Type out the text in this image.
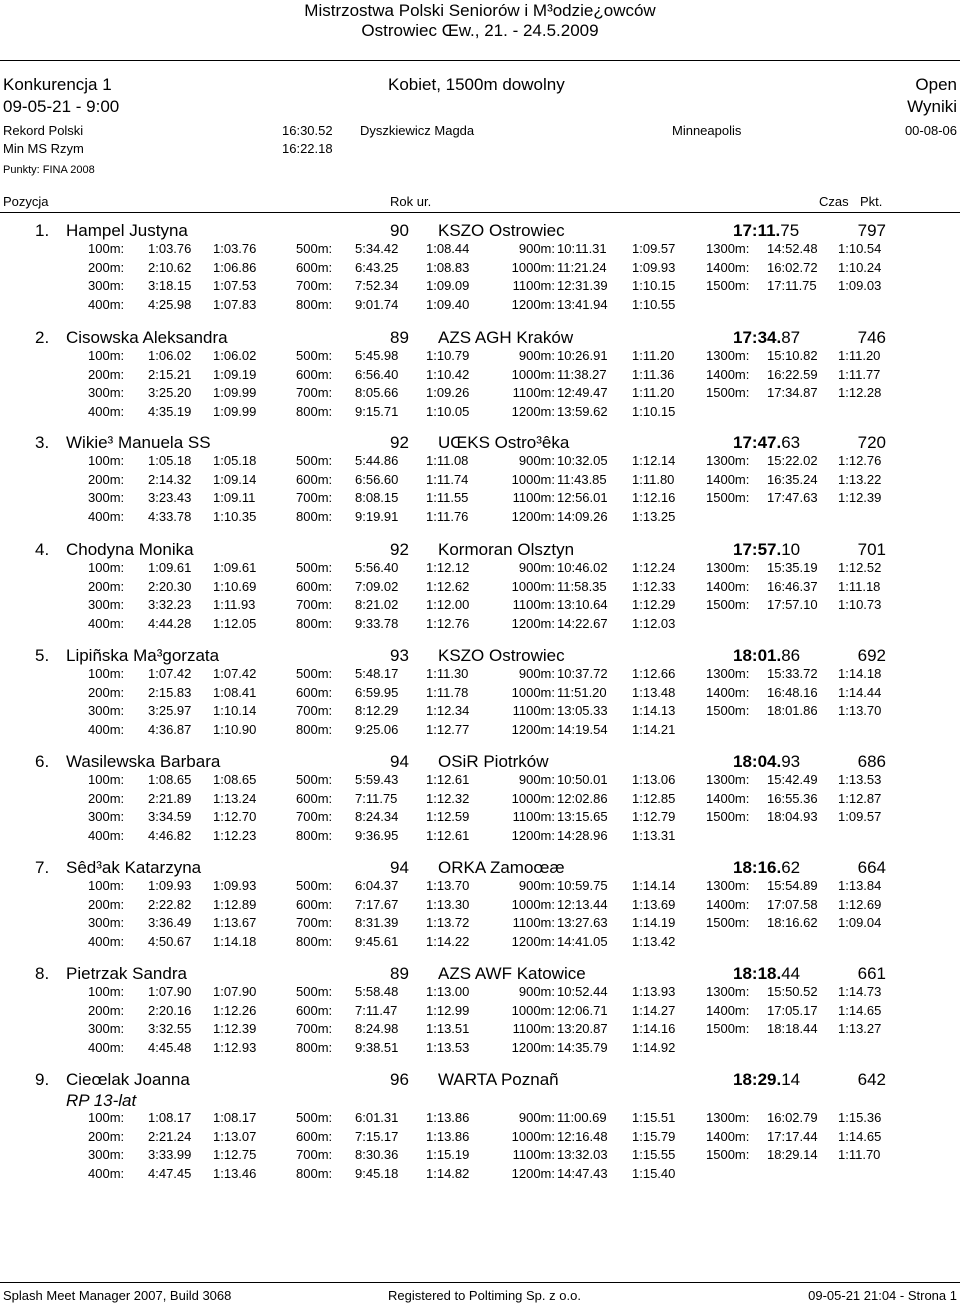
Mistrzostwa Polski Seniorów i M³odzie¿owców
Ostrowiec Œw., 21. - 24.5.2009
Konkurencja 1	Kobiet, 1500m dowolny	Open
09-05-21 - 9:00	Wyniki
Rekord Polski	16:30.52 Dyszkiewicz Magda	Minneapolis	00-08-06
Min MS Rzym	16:22.18
Punkty: FINA 2008
Pozycja	Rok ur.	Czas Pkt.
1. Hampel Justyna	90 KSZO Ostrowiec	17:11.75	797
100m: 1:03.76 1:03.76	500m: 5:34.42 1:08.44	900m: 10:11.31 1:09.57 1300m: 14:52.48 1:10.54
200m: 2:10.62 1:06.86	600m: 6:43.25 1:08.83	1000m: 11:21.24 1:09.93 1400m: 16:02.72 1:10.24
300m: 3:18.15 1:07.53	700m: 7:52.34 1:09.09	1100m: 12:31.39 1:10.15 1500m: 17:11.75 1:09.03
400m: 4:25.98 1:07.83	800m: 9:01.74 1:09.40	1200m: 13:41.94 1:10.55
2. Cisowska Aleksandra	89 AZS AGH Kraków	17:34.87	746
100m: 1:06.02 1:06.02	500m: 5:45.98 1:10.79	900m: 10:26.91 1:11.20 1300m: 15:10.82 1:11.20
200m: 2:15.21 1:09.19	600m: 6:56.40 1:10.42	1000m: 11:38.27 1:11.36 1400m: 16:22.59 1:11.77
300m: 3:25.20 1:09.99	700m: 8:05.66 1:09.26	1100m: 12:49.47 1:11.20 1500m: 17:34.87 1:12.28
400m: 4:35.19 1:09.99	800m: 9:15.71 1:10.05	1200m: 13:59.62 1:10.15
3. Wikie³ Manuela SS	92 UŒKS Ostro³êka	17:47.63	720
100m: 1:05.18 1:05.18	500m: 5:44.86 1:11.08	900m: 10:32.05 1:12.14 1300m: 15:22.02 1:12.76
200m: 2:14.32 1:09.14	600m: 6:56.60 1:11.74	1000m: 11:43.85 1:11.80 1400m: 16:35.24 1:13.22
300m: 3:23.43 1:09.11	700m: 8:08.15 1:11.55	1100m: 12:56.01 1:12.16 1500m: 17:47.63 1:12.39
400m: 4:33.78 1:10.35	800m: 9:19.91 1:11.76	1200m: 14:09.26 1:13.25
4. Chodyna Monika	92 Kormoran Olsztyn	17:57.10	701
100m: 1:09.61 1:09.61	500m: 5:56.40 1:12.12	900m: 10:46.02 1:12.24 1300m: 15:35.19 1:12.52
200m: 2:20.30 1:10.69	600m: 7:09.02 1:12.62	1000m: 11:58.35 1:12.33 1400m: 16:46.37 1:11.18
300m: 3:32.23 1:11.93	700m: 8:21.02 1:12.00	1100m: 13:10.64 1:12.29 1500m: 17:57.10 1:10.73
400m: 4:44.28 1:12.05	800m: 9:33.78 1:12.76	1200m: 14:22.67 1:12.03
5. Lipiñska Ma³gorzata	93 KSZO Ostrowiec	18:01.86	692
100m: 1:07.42 1:07.42	500m: 5:48.17 1:11.30	900m: 10:37.72 1:12.66 1300m: 15:33.72 1:14.18
200m: 2:15.83 1:08.41	600m: 6:59.95 1:11.78	1000m: 11:51.20 1:13.48 1400m: 16:48.16 1:14.44
300m: 3:25.97 1:10.14	700m: 8:12.29 1:12.34	1100m: 13:05.33 1:14.13 1500m: 18:01.86 1:13.70
400m: 4:36.87 1:10.90	800m: 9:25.06 1:12.77	1200m: 14:19.54 1:14.21
6. Wasilewska Barbara	94 OSiR Piotrków	18:04.93	686
100m: 1:08.65 1:08.65	500m: 5:59.43 1:12.61	900m: 10:50.01 1:13.06 1300m: 15:42.49 1:13.53
200m: 2:21.89 1:13.24	600m: 7:11.75 1:12.32	1000m: 12:02.86 1:12.85 1400m: 16:55.36 1:12.87
300m: 3:34.59 1:12.70	700m: 8:24.34 1:12.59	1100m: 13:15.65 1:12.79 1500m: 18:04.93 1:09.57
400m: 4:46.82 1:12.23	800m: 9:36.95 1:12.61	1200m: 14:28.96 1:13.31
7. Sêd³ak Katarzyna	94 ORKA Zamoœæ	18:16.62	664
100m: 1:09.93 1:09.93	500m: 6:04.37 1:13.70	900m: 10:59.75 1:14.14 1300m: 15:54.89 1:13.84
200m: 2:22.82 1:12.89	600m: 7:17.67 1:13.30	1000m: 12:13.44 1:13.69 1400m: 17:07.58 1:12.69
300m: 3:36.49 1:13.67	700m: 8:31.39 1:13.72	1100m: 13:27.63 1:14.19 1500m: 18:16.62 1:09.04
400m: 4:50.67 1:14.18	800m: 9:45.61 1:14.22	1200m: 14:41.05 1:13.42
8. Pietrzak Sandra	89 AZS AWF Katowice	18:18.44	661
100m: 1:07.90 1:07.90	500m: 5:58.48 1:13.00	900m: 10:52.44 1:13.93 1300m: 15:50.52 1:14.73
200m: 2:20.16 1:12.26	600m: 7:11.47 1:12.99	1000m: 12:06.71 1:14.27 1400m: 17:05.17 1:14.65
300m: 3:32.55 1:12.39	700m: 8:24.98 1:13.51	1100m: 13:20.87 1:14.16 1500m: 18:18.44 1:13.27
400m: 4:45.48 1:12.93	800m: 9:38.51 1:13.53	1200m: 14:35.79 1:14.92
9. Cieœlak Joanna
RP 13-lat
96 WARTA Poznañ	18:29.14	642
100m: 1:08.17 1:08.17	500m: 6:01.31 1:13.86	900m: 11:00.69 1:15.51 1300m: 16:02.79 1:15.36
200m: 2:21.24 1:13.07	600m: 7:15.17 1:13.86	1000m: 12:16.48 1:15.79 1400m: 17:17.44 1:14.65
300m: 3:33.99 1:12.75	700m: 8:30.36 1:15.19	1100m: 13:32.03 1:15.55 1500m: 18:29.14 1:11.70
400m: 4:47.45 1:13.46	800m: 9:45.18 1:14.82	1200m: 14:47.43 1:15.40
Splash Meet Manager 2007, Build 3068	Registered to Poltiming Sp. z o.o.	09-05-21 21:04 - Strona 1
